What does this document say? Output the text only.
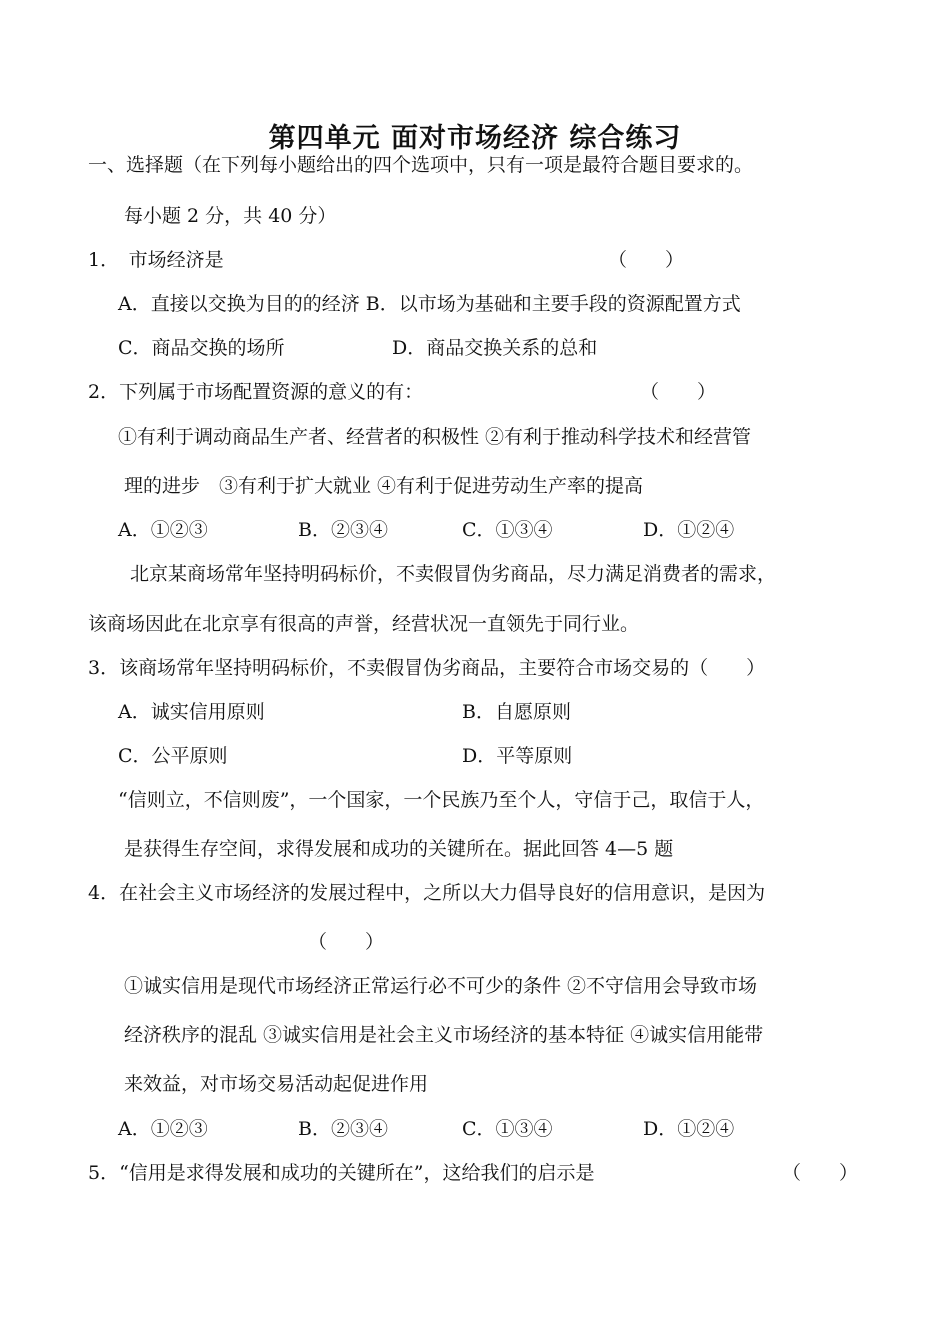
第四单元 面对市场经济 综合练习
一、选择题（在下列每小题给出的四个选项中，只有一项是最符合题目要求的。
每小题 2 分，共 40 分）
1．　市场经济是	（　　）
A．直接以交换为目的的经济 B．以市场为基础和主要手段的资源配置方式
C．商品交换的场所	D．商品交换关系的总和
2．下列属于市场配置资源的意义的有：	（　　）
①有利于调动商品生产者、经营者的积极性 ②有利于推动科学技术和经营管
理的进步　③有利于扩大就业 ④有利于促进劳动生产率的提高
A．①②③	B．②③④	C．①③④	D．①②④
北京某商场常年坚持明码标价，不卖假冒伪劣商品，尽力满足消费者的需求，
该商场因此在北京享有很高的声誉，经营状况一直领先于同行业。
3．该商场常年坚持明码标价，不卖假冒伪劣商品，主要符合市场交易的（　　）
A．诚实信用原则	B．自愿原则
C．公平原则	D．平等原则
“信则立，不信则废”，一个国家，一个民族乃至个人，守信于己，取信于人，
是获得生存空间，求得发展和成功的关键所在。据此回答 4—5 题
4．在社会主义市场经济的发展过程中，之所以大力倡导良好的信用意识，是因为
（　　）
①诚实信用是现代市场经济正常运行必不可少的条件 ②不守信用会导致市场
经济秩序的混乱 ③诚实信用是社会主义市场经济的基本特征 ④诚实信用能带
来效益，对市场交易活动起促进作用
A．①②③	B．②③④	C．①③④	D．①②④
5．“信用是求得发展和成功的关键所在”，这给我们的启示是	（　　）
